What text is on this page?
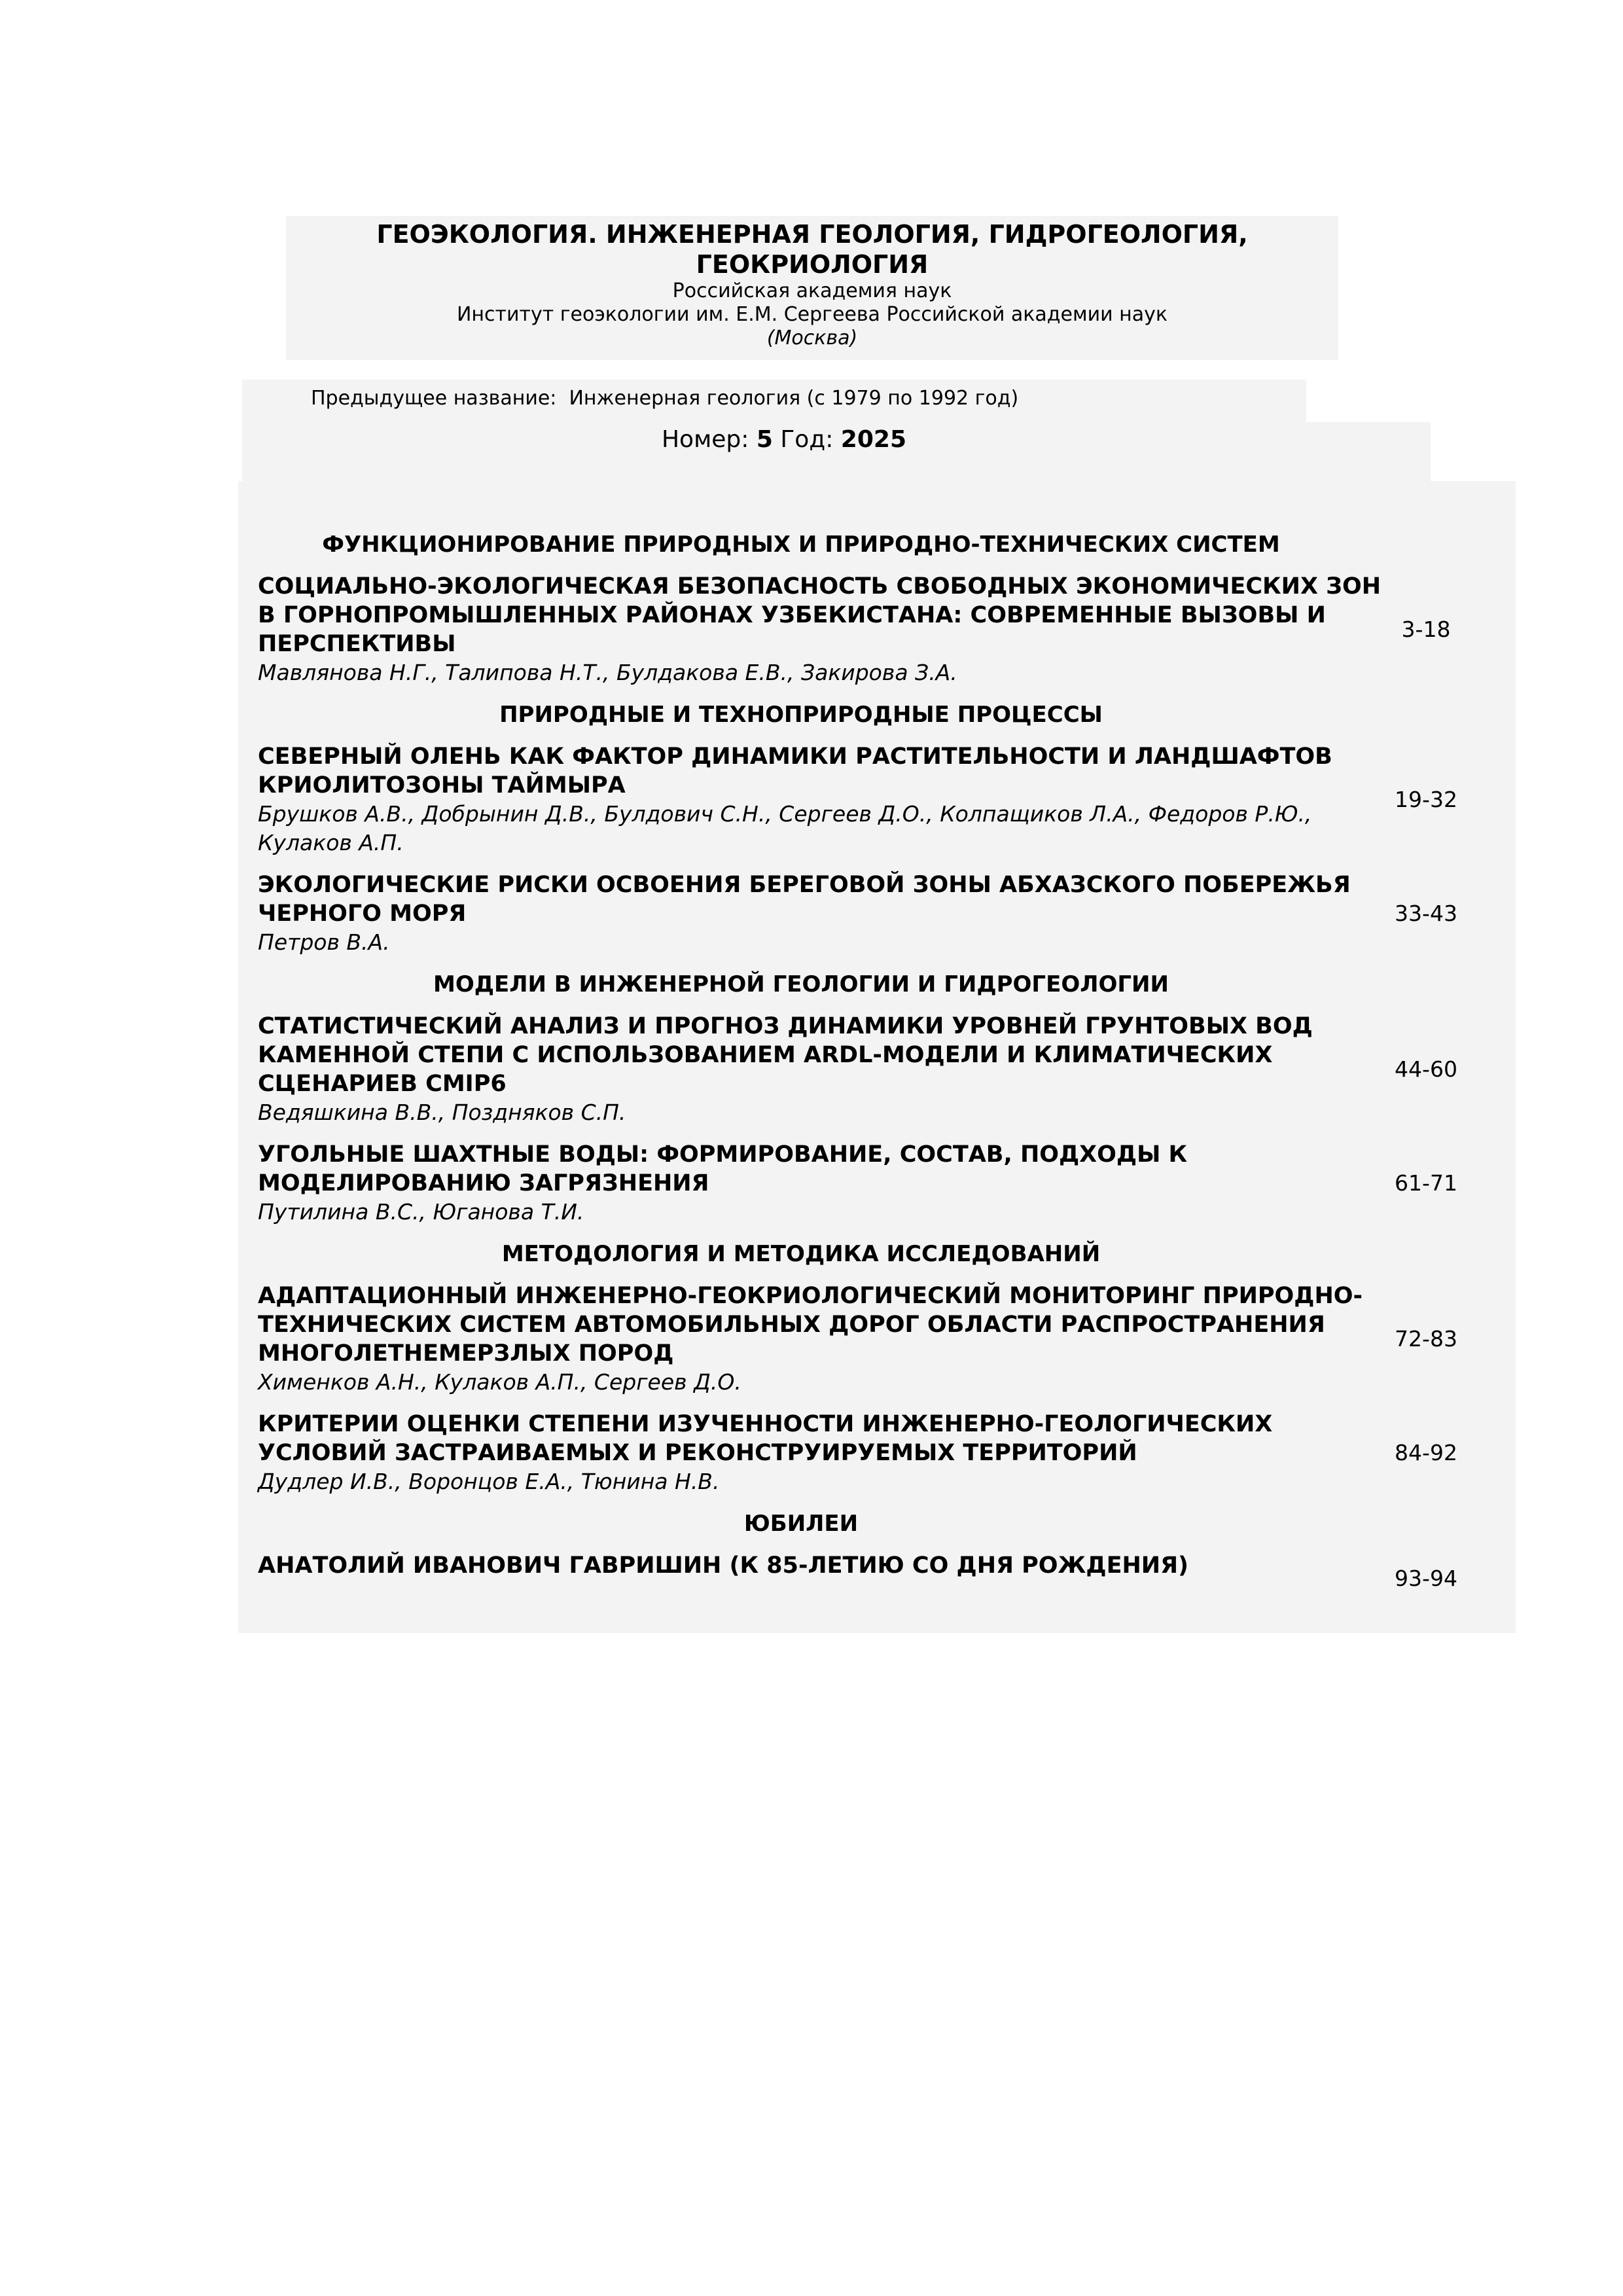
ГЕОЭКОЛОГИЯ. ИНЖЕНЕРНАЯ ГЕОЛОГИЯ, ГИДРОГЕОЛОГИЯ,
ГЕОКРИОЛОГИЯ
Российская академия наук
Институт геоэкологии им. Е.М. Сергеева Российской академии наук
(Москва)
Предыдущее название: Инженерная геология (с 1979 по 1992 год)
Номер: 5 Год: 2025
ФУНКЦИОНИРОВАНИЕ ПРИРОДНЫХ И ПРИРОДНО-ТЕХНИЧЕСКИХ СИСТЕМ
СОЦИАЛЬНО-ЭКОЛОГИЧЕСКАЯ БЕЗОПАСНОСТЬ СВОБОДНЫХ ЭКОНОМИЧЕСКИХ ЗОН
В ГОРНОПРОМЫШЛЕННЫХ РАЙОНАХ УЗБЕКИСТАНА: СОВРЕМЕННЫЕ ВЫЗОВЫ И
ПЕРСПЕКТИВЫ
Мавлянова Н.Г., Талипова Н.Т., Булдакова Е.В., Закирова З.А.
3-18
ПРИРОДНЫЕ И ТЕХНОПРИРОДНЫЕ ПРОЦЕССЫ
СЕВЕРНЫЙ ОЛЕНЬ КАК ФАКТОР ДИНАМИКИ РАСТИТЕЛЬНОСТИ И ЛАНДШАФТОВ
КРИОЛИТОЗОНЫ ТАЙМЫРА
Брушков А.В., Добрынин Д.В., Булдович С.Н., Сергеев Д.О., Колпащиков Л.А., Федоров Р.Ю.,
Кулаков А.П.
19-32
ЭКОЛОГИЧЕСКИЕ РИСКИ ОСВОЕНИЯ БЕРЕГОВОЙ ЗОНЫ АБХАЗСКОГО ПОБЕРЕЖЬЯ
ЧЕРНОГО МОРЯ
Петров В.А.
33-43
МОДЕЛИ В ИНЖЕНЕРНОЙ ГЕОЛОГИИ И ГИДРОГЕОЛОГИИ
СТАТИСТИЧЕСКИЙ АНАЛИЗ И ПРОГНОЗ ДИНАМИКИ УРОВНЕЙ ГРУНТОВЫХ ВОД
КАМЕННОЙ СТЕПИ С ИСПОЛЬЗОВАНИЕМ ARDL-МОДЕЛИ И КЛИМАТИЧЕСКИХ
СЦЕНАРИЕВ CMIP6
Ведяшкина В.В., Поздняков С.П.
44-60
УГОЛЬНЫЕ ШАХТНЫЕ ВОДЫ: ФОРМИРОВАНИЕ, СОСТАВ, ПОДХОДЫ К
МОДЕЛИРОВАНИЮ ЗАГРЯЗНЕНИЯ
Путилина В.С., Юганова Т.И.
61-71
МЕТОДОЛОГИЯ И МЕТОДИКА ИССЛЕДОВАНИЙ
АДАПТАЦИОННЫЙ ИНЖЕНЕРНО-ГЕОКРИОЛОГИЧЕСКИЙ МОНИТОРИНГ ПРИРОДНО-
ТЕХНИЧЕСКИХ СИСТЕМ АВТОМОБИЛЬНЫХ ДОРОГ ОБЛАСТИ РАСПРОСТРАНЕНИЯ
МНОГОЛЕТНЕМЕРЗЛЫХ ПОРОД
Хименков А.Н., Кулаков А.П., Сергеев Д.О.
72-83
КРИТЕРИИ ОЦЕНКИ СТЕПЕНИ ИЗУЧЕННОСТИ ИНЖЕНЕРНО-ГЕОЛОГИЧЕСКИХ
УСЛОВИЙ ЗАСТРАИВАЕМЫХ И РЕКОНСТРУИРУЕМЫХ ТЕРРИТОРИЙ
Дудлер И.В., Воронцов Е.А., Тюнина Н.В.
84-92
ЮБИЛЕИ
АНАТОЛИЙ ИВАНОВИЧ ГАВРИШИН (К 85-ЛЕТИЮ СО ДНЯ РОЖДЕНИЯ)	93-94
